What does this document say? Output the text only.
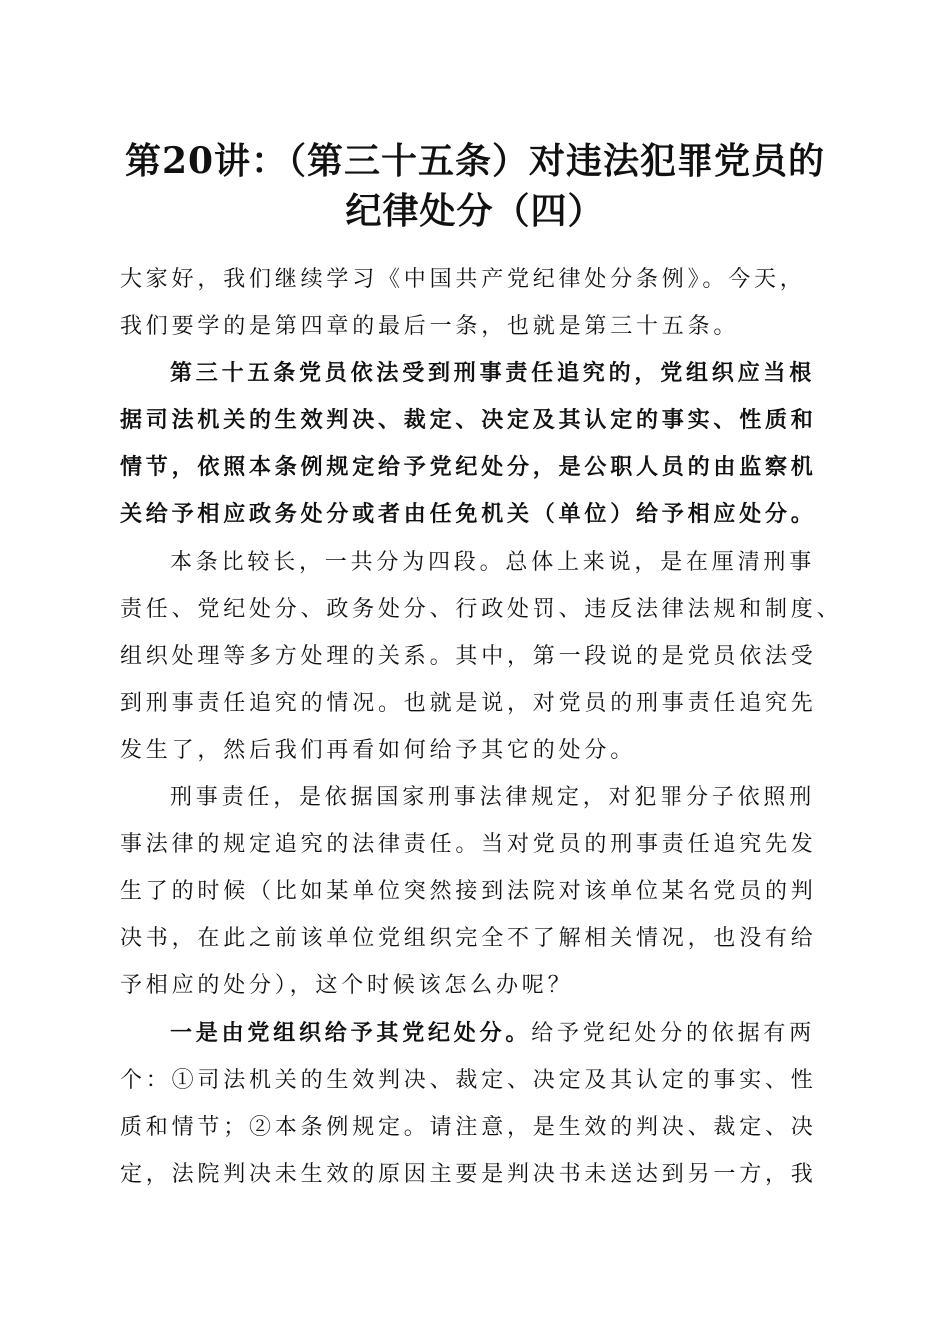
第20讲：（第三十五条）对违法犯罪党员的
纪律处分（四）
大家好，我们继续学习《中国共产党纪律处分条例》。今天，
我们要学的是第四章的最后一条，也就是第三十五条。
第三十五条党员依法受到刑事责任追究的，党组织应当根
据司法机关的生效判决、裁定、决定及其认定的事实、性质和
情节，依照本条例规定给予党纪处分，是公职人员的由监察机
关给予相应政务处分或者由任免机关（单位）给予相应处分。
本条比较长，一共分为四段。总体上来说，是在厘清刑事
责任、党纪处分、政务处分、行政处罚、违反法律法规和制度、
组织处理等多方处理的关系。其中，第一段说的是党员依法受
到刑事责任追究的情况。也就是说，对党员的刑事责任追究先
发生了，然后我们再看如何给予其它的处分。
刑事责任，是依据国家刑事法律规定，对犯罪分子依照刑
事法律的规定追究的法律责任。当对党员的刑事责任追究先发
生了的时候（比如某单位突然接到法院对该单位某名党员的判
决书，在此之前该单位党组织完全不了解相关情况，也没有给
予相应的处分），这个时候该怎么办呢？
一是由党组织给予其党纪处分。给予党纪处分的依据有两
个：①司法机关的生效判决、裁定、决定及其认定的事实、性
质和情节；②本条例规定。请注意，是生效的判决、裁定、决
定，法院判决未生效的原因主要是判决书未送达到另一方，我
